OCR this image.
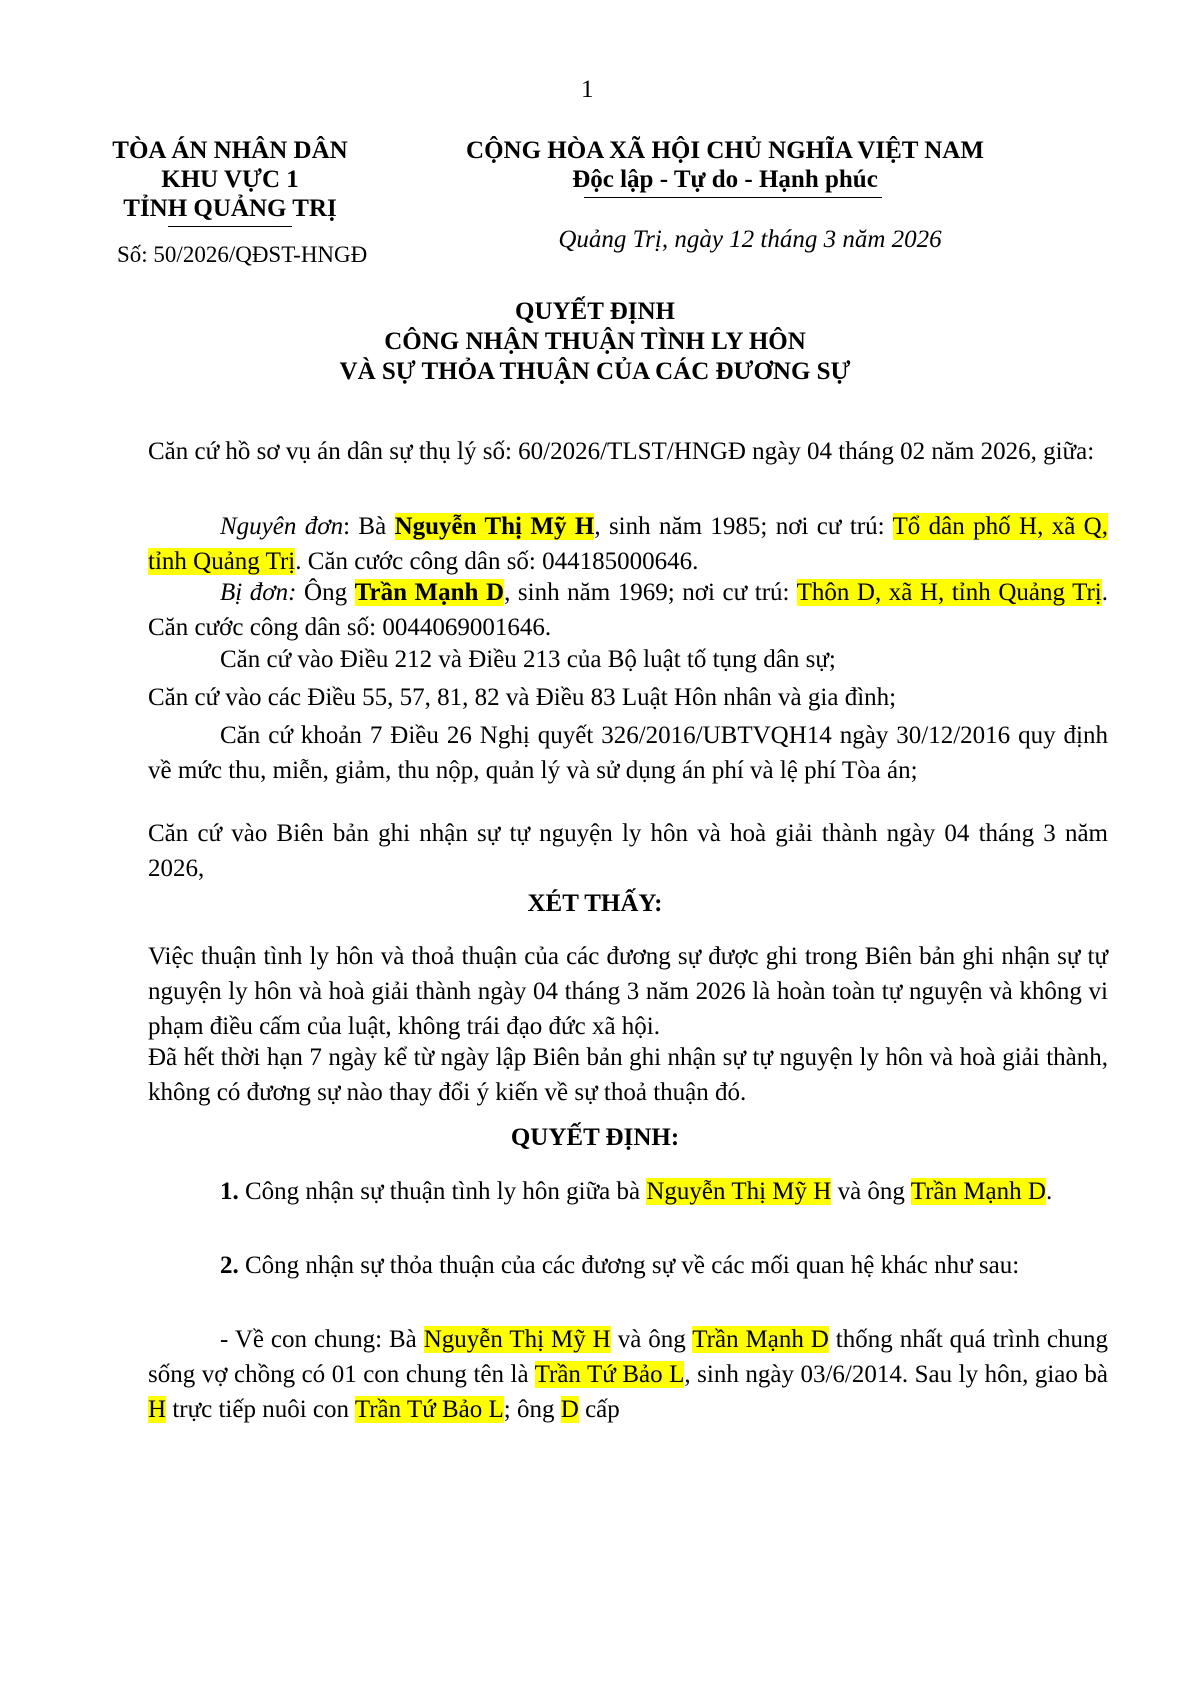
1
TÒA ÁN NHÂN DÂN
KHU VỰC 1
TỈNH QUẢNG TRỊ
Số: 50/2026/QĐST-HNGĐ
CỘNG HÒA XÃ HỘI CHỦ NGHĨA VIỆT NAM
Độc lập - Tự do - Hạnh phúc
Quảng Trị, ngày 12 tháng 3 năm 2026
QUYẾT ĐỊNH
CÔNG NHẬN THUẬN TÌNH LY HÔN
VÀ SỰ THỎA THUẬN CỦA CÁC ĐƯƠNG SỰ
Căn cứ hồ sơ vụ án dân sự thụ lý số: 60/2026/TLST/HNGĐ ngày 04 tháng 02 năm 2026, giữa:
Nguyên đơn: Bà Nguyễn Thị Mỹ H, sinh năm 1985; nơi cư trú: Tổ dân phố H, xã Q, tỉnh Quảng Trị. Căn cước công dân số: 044185000646.
Bị đơn: Ông Trần Mạnh D, sinh năm 1969; nơi cư trú: Thôn D, xã H, tỉnh Quảng Trị. Căn cước công dân số: 0044069001646.
Căn cứ vào Điều 212 và Điều 213 của Bộ luật tố tụng dân sự;
Căn cứ vào các Điều 55, 57, 81, 82 và Điều 83 Luật Hôn nhân và gia đình;
Căn cứ khoản 7 Điều 26 Nghị quyết 326/2016/UBTVQH14 ngày 30/12/2016 quy định về mức thu, miễn, giảm, thu nộp, quản lý và sử dụng án phí và lệ phí Tòa án;
Căn cứ vào Biên bản ghi nhận sự tự nguyện ly hôn và hoà giải thành ngày 04 tháng 3 năm 2026,
XÉT THẤY:
Việc thuận tình ly hôn và thoả thuận của các đương sự được ghi trong Biên bản ghi nhận sự tự nguyện ly hôn và hoà giải thành ngày 04 tháng 3 năm 2026 là hoàn toàn tự nguyện và không vi phạm điều cấm của luật, không trái đạo đức xã hội.
Đã hết thời hạn 7 ngày kể từ ngày lập Biên bản ghi nhận sự tự nguyện ly hôn và hoà giải thành, không có đương sự nào thay đổi ý kiến về sự thoả thuận đó.
QUYẾT ĐỊNH:
1. Công nhận sự thuận tình ly hôn giữa bà Nguyễn Thị Mỹ H và ông Trần Mạnh D.
2. Công nhận sự thỏa thuận của các đương sự về các mối quan hệ khác như sau:
- Về con chung: Bà Nguyễn Thị Mỹ H và ông Trần Mạnh D thống nhất quá trình chung sống vợ chồng có 01 con chung tên là Trần Tứ Bảo L, sinh ngày 03/6/2014. Sau ly hôn, giao bà H trực tiếp nuôi con Trần Tứ Bảo L; ông D cấp
